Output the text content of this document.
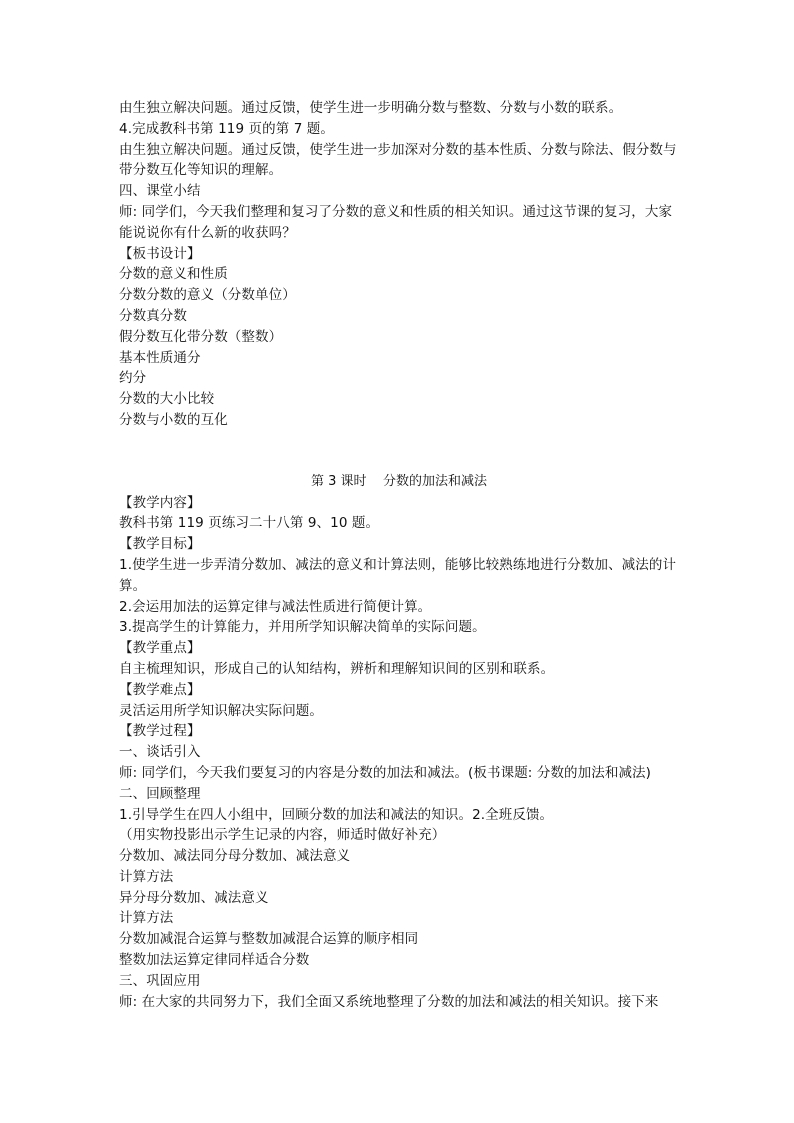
由生独立解决问题。通过反馈，使学生进一步明确分数与整数、分数与小数的联系。
4.完成教科书第 119 页的第 7 题。
由生独立解决问题。通过反馈，使学生进一步加深对分数的基本性质、分数与除法、假分数与带分数互化等知识的理解。
四、课堂小结
师: 同学们，今天我们整理和复习了分数的意义和性质的相关知识。通过这节课的复习，大家能说说你有什么新的收获吗？
【板书设计】
分数的意义和性质
分数分数的意义（分数单位）
分数真分数
假分数互化带分数（整数）
基本性质通分
约分
分数的大小比较
分数与小数的互化
第 3 课时    分数的加法和减法
【教学内容】
教科书第 119 页练习二十八第 9、10 题。
【教学目标】
1.使学生进一步弄清分数加、减法的意义和计算法则，能够比较熟练地进行分数加、减法的计算。
2.会运用加法的运算定律与减法性质进行简便计算。
3.提高学生的计算能力，并用所学知识解决简单的实际问题。
【教学重点】
自主梳理知识，形成自己的认知结构，辨析和理解知识间的区别和联系。
【教学难点】
灵活运用所学知识解决实际问题。
【教学过程】
一、谈话引入
师: 同学们，今天我们要复习的内容是分数的加法和减法。(板书课题: 分数的加法和减法)
二、回顾整理
1.引导学生在四人小组中，回顾分数的加法和减法的知识。2.全班反馈。
（用实物投影出示学生记录的内容，师适时做好补充）
分数加、减法同分母分数加、减法意义
计算方法
异分母分数加、减法意义
计算方法
分数加减混合运算与整数加减混合运算的顺序相同
整数加法运算定律同样适合分数
三、巩固应用
师: 在大家的共同努力下，我们全面又系统地整理了分数的加法和减法的相关知识。接下来
